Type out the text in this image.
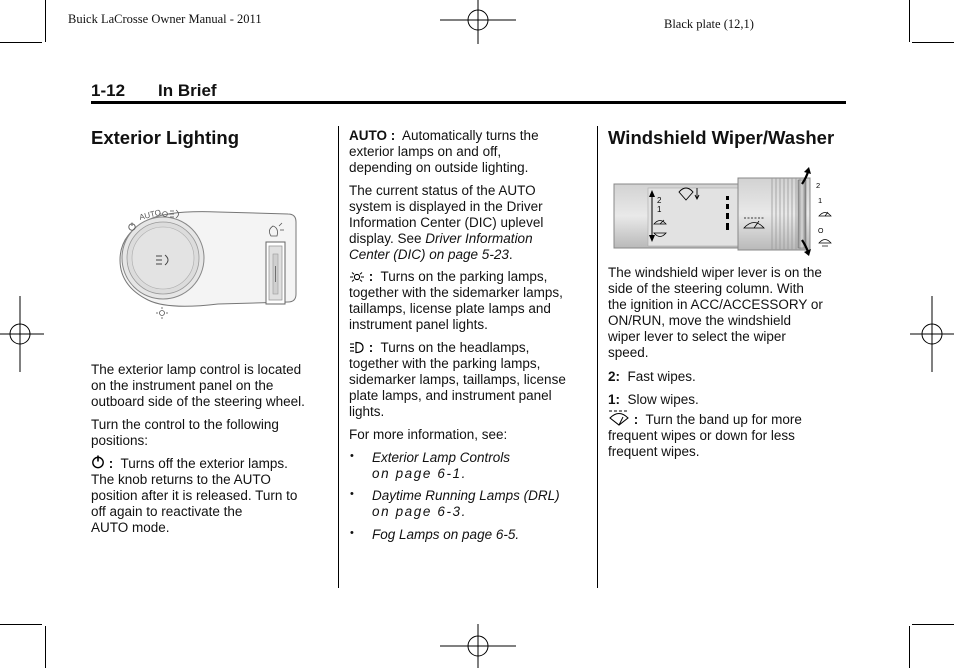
Buick LaCrosse Owner Manual - 2011	Black plate (12,1)
1-12 In Brief
Exterior Lighting
AUTO
The exterior lamp control is located
on the instrument panel on the
outboard side of the steering wheel.
Turn the control to the following
positions:
: Turns off the exterior lamps.
The knob returns to the AUTO
position after it is released. Turn to
off again to reactivate the
AUTO mode.
AUTO : Automatically turns the
exterior lamps on and off,
depending on outside lighting.
The current status of the AUTO
system is displayed in the Driver
Information Center (DIC) uplevel
display. See Driver Information
Center (DIC) on page 5-23.
: Turns on the parking lamps,
together with the sidemarker lamps,
taillamps, license plate lamps and
instrument panel lights.
: Turns on the headlamps,
together with the parking lamps,
sidemarker lamps, taillamps, license
plate lamps, and instrument panel
lights.
For more information, see:
• Exterior Lamp Controls
on page 6-1.
• Daytime Running Lamps (DRL)
on page 6-3.
• Fog Lamps on page 6-5.
Windshield Wiper/Washer
2
1
2
1
O
The windshield wiper lever is on the
side of the steering column. With
the ignition in ACC/ACCESSORY or
ON/RUN, move the windshield
wiper lever to select the wiper
speed.
2: Fast wipes.
1: Slow wipes.
: Turn the band up for more
frequent wipes or down for less
frequent wipes.
